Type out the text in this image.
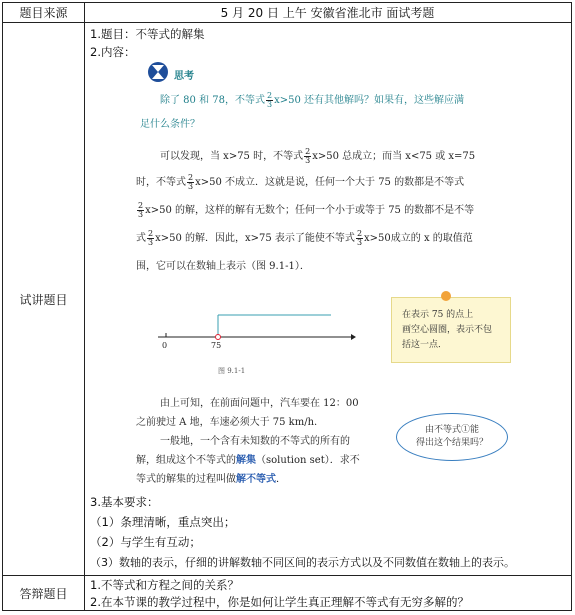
题目来源	5 月 20 日 上午 安徽省淮北市 面试考题
试讲题目
1.题目：不等式的解集
2.内容：

思考

除了 80 和 78，不等式 $\frac{2}{3} x>50$ 还有其他解吗？如果有，这些解应满

足什么条件？

可以发现，当 x>75 时，不等式 $\frac{2}{3} x>50$ 总成立；而当 x<75 或 x=75

时，不等式 $\frac{2}{3} x>50$ 不成立．这就是说，任何一个大于 75 的数都是不等式

$\frac{2}{3} x>50$ 的解，这样的解有无数个；任何一个小于或等于 75 的数都不是不等

式 $\frac{2}{3} x>50$ 的解．因此，x>75 表示了能使不等式 $\frac{2}{3} x>50$成立的 x 的取值范

围，它可以在数轴上表示（图 9.1-1）．

0	75

图 9.1-1

在表示 75 的点上
画空心圆圈，表示不包
括这一点．

由上可知，在前面问题中，汽车要在 12：00

之前驶过 A 地，车速必须大于 75 km/h.

一般地，一个含有未知数的不等式的所有的

解，组成这个不等式的解集（solution set）．求不

等式的解集的过程叫做解不等式．

由不等式①能
得出这个结果吗？
3.基本要求：
（1）条理清晰，重点突出；
（2）与学生有互动；
（3）数轴的表示，仔细的讲解数轴不同区间的表示方式以及不同数值在数轴上的表示。
答辩题目
1.不等式和方程之间的关系？
2.在本节课的教学过程中，你是如何让学生真正理解不等式有无穷多解的？
